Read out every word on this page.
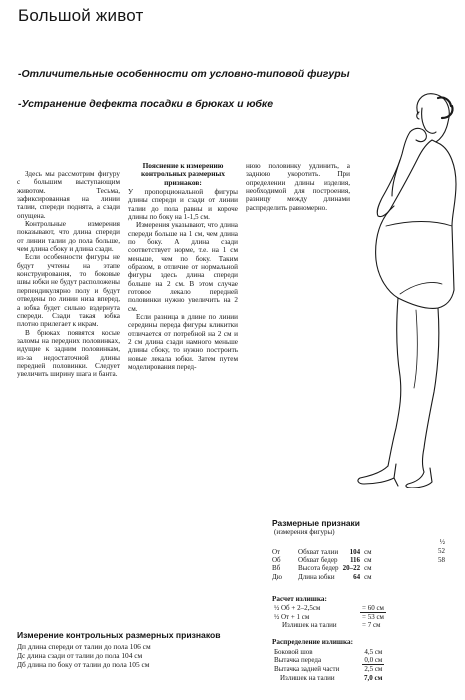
Большой живот
-Отличительные особенности от условно-типовой фигуры
-Устранение дефекта посадки в брюках и юбке

Здесь мы рассмотрим фигуру с большим выступающим животом. Тесьма, зафиксированная на линии талии, спереди поднята, а сзади опущена.

Контрольные измерения показывают, что длина спереди от линии талии до пола больше, чем длина сбоку и длина сзади.

Если особенности фигуры не будут учтены на этапе конструирования, то боковые швы юбки не будут расположены перпендикулярно полу и будут отведены по линии низа вперед, а юбка будет сильно вздернута спереди. Сзади такая юбка плотно прилегает к икрам.

В брюках появятся косые заломы на передних половинках, идущие к задним половинкам, из-за недостаточной длины передней половинки. Следует увеличить ширину шага и банта.

Пояснение к измерению контрольных размерных признаков:

У пропорциональной фигуры длины спереди и сзади от линии талии до пола равны и короче длины по боку на 1-1,5 см.

Измерения указывают, что длина спереди больше на 1 см, чем длина по боку. А длина сзади соответствует норме, т.е. на 1 см меньше, чем по боку. Таким образом, в отличие от нормальной фигуры здесь длина спереди больше на 2 см. В этом случае готовое лекало передней половинки нужно увеличить на 2 см.

Если разница в длине по линии середины переда фигуры кликитки отличается от потребной на 2 см и 2 см длина сзади намного меньше длины сбоку, то нужно построить новые лекала юбки. Затем путем моделирования перед-

нюю половинку удлинить, а заднюю укоротить. При определении длины изделия, необходимой для построения, разницу между длинами распределить равномерно.

Размерные признаки
(измерения фигуры)
½
52
58
От	Обхват талии	104	см
Об	Обхват бедер	116	см
Вб	Высота бедер	20–22	см
Дю	Длина юбки	64	см
Расчет излишка:
½ Об + 2–2,5см	= 60 см
½ От + 1 см	= 53 см
Излишек на талии	= 7 см
Распределение излишка:
Боковой шов	4,5 см
Вытачка переда	0,0 см
Вытачка задней части	2,5 см
Излишек на талии	7,0 см
Измерение контрольных размерных признаков
Дп длина спереди от талии до пола 106 см
Дс длина сзади от талии до пола 104 см
Дб длина по боку от талии до пола 105 см
